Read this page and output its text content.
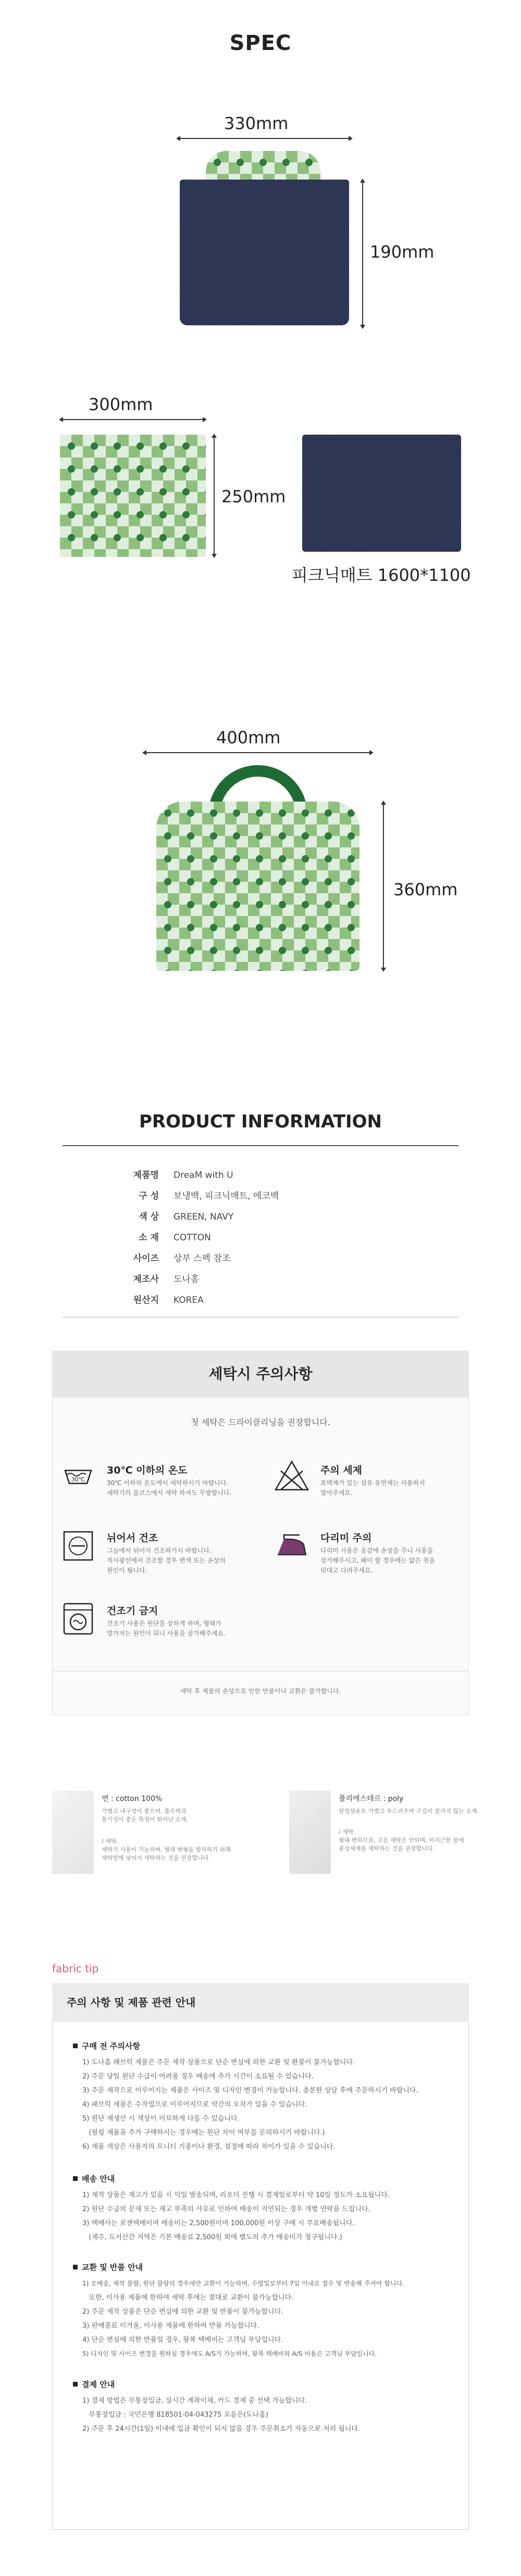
SPEC
330mm
190mm
300mm
250mm
피크닉매트 1600*1100
400mm
360mm
PRODUCT INFORMATION
제품명 DreaM with U
구 성 보냉백, 피크닉매트, 에코백
색 상 GREEN, NAVY
소 재 COTTON
사이즈 상부 스펙 참조
제조사 도나홈
원산지 KOREA
세탁시 주의사항
첫 세탁은 드라이클리닝을 권장합니다.
30℃
30℃ 이하의 온도
30℃ 이하의 온도에서 세탁하시기 바랍니다.
세탁기의 울코스에서 세탁 하셔도 무방합니다.
주의 세제
표백제가 있는 섬유 유연제는 사용하지
말아주세요.
뉘어서 건조
그늘에서 뉘어서 건조하기시 바랍니다.
직사광선에서 건조할 경우 변색 또는 손상의
원인이 됩니다.
다리미 주의
다리미 사용은 옷감에 손상을 주니 사용을
삼가해주시고, 왜이 할 경우에는 얇은 천을
덧대고 다려주세요.
건조기 금지
건조기 사용은 원단을 상하게 하며, 형태가
망가지는 원인이 되니 사용을 삼가해주세요.
세탁 후 제품의 손상으로 인한 반품이나 교환은 불가합니다.
면 : cotton 100%
가볍고 내구성이 좋으며, 흡수력과
통기성이 좋은 특징이 뛰어난 소재.
/ 세탁.
세탁기 사용이 가능하며, 형태 변형을 방지하기 위해
세탁망에 넣어서 세탁하는 것을 권장합니다.
폴리에스테르 : poly
탄성섬유로 가볍고 부드러우며 구김이 잘가지 않는 소재.
/ 세탁.
형태 변하므로, 고온 세탁은 안되며, 미지근한 물에
중성세제를 세탁하는 것을 권장합니다.
fabric tip
주의 사항 및 제품 관련 안내
구매 전 주의사항
1) 도나홈 패브릭 제품은 주문 제작 상품으로 단순 변심에 의한 교환 및 환불이 불가능합니다.
2) 주문 당일 원단 수급이 어려울 경우 배송에 추가 시간이 소요될 수 있습니다.
3) 주문 제작으로 이루어지는 제품은 사이즈 및 디자인 변경이 가능합니다. 충분한 상담 후에 주문하시기 바랍니다.
4) 패브릭 제품은 수작업으로 이루어지므로 약간의 오차가 있을 수 있습니다.
5) 원단 재생산 시 색상이 미묘하게 다를 수 있습니다.
(필링 제품을 추가 구매하시는 경우에는 원단 차이 여부를 문의하시기 바랍니다.)
6) 제품 색상은 사용자의 모니터 기종이나 환경, 설정에 따라 차이가 있을 수 있습니다.
배송 안내
1) 제작 상품은 재고가 있을 시 익일 발송되며, 리오더 진행 시 결제일로부터 약 10일 정도가 소요됩니다.
2) 원단 수급의 문제 또는 재고 부족의 사유로 인하여 배송이 지연되는 경우 개별 연락을 드립니다.
3) 택배사는 로젠택배이며 배송비는 2,500원이며 100,000원 이상 구매 시 무료배송됩니다.
(제주, 도서산간 지역은 기본 배송료 2,500원 외에 별도의 추가 배송비가 청구됩니다.)
교환 및 반품 안내
1) 오배송, 제작 불량, 원단 불량의 경우에만 교환이 가능하며, 수령일로부터 7일 이내로 접수 및 반송해 주셔야 합니다.
또한, 이사용 제품에 한하여 세탁 후에는 절대로 교환이 불가능합니다.
2) 주문 제작 상품은 단순 변심에 의한 교환 및 반품이 불가능합니다.
3) 판매종료 이겨울, 이사용 제품에 한하여 반품 가능합니다.
4) 단순 변심에 의한 반품일 경우, 왕복 택배비는 고객님 부담입니다.
5) 디자인 및 사이즈 변경을 원하실 경우에도 A/S가 가능하며, 왕복 택배비와 A/S 비용은 고객님 부담입니다.
결제 안내
1) 결제 방법은 무통장입금, 실시간 계좌이체, 카드 결제 중 선택 가능합니다.
무통장입금 : 국민은행 818501-04-043275 오음은(도나홈)
2) 주문 후 24시간(1일) 이내에 입금 확인이 되지 않을 경우 주문취소가 자동으로 처리 됩니다.
